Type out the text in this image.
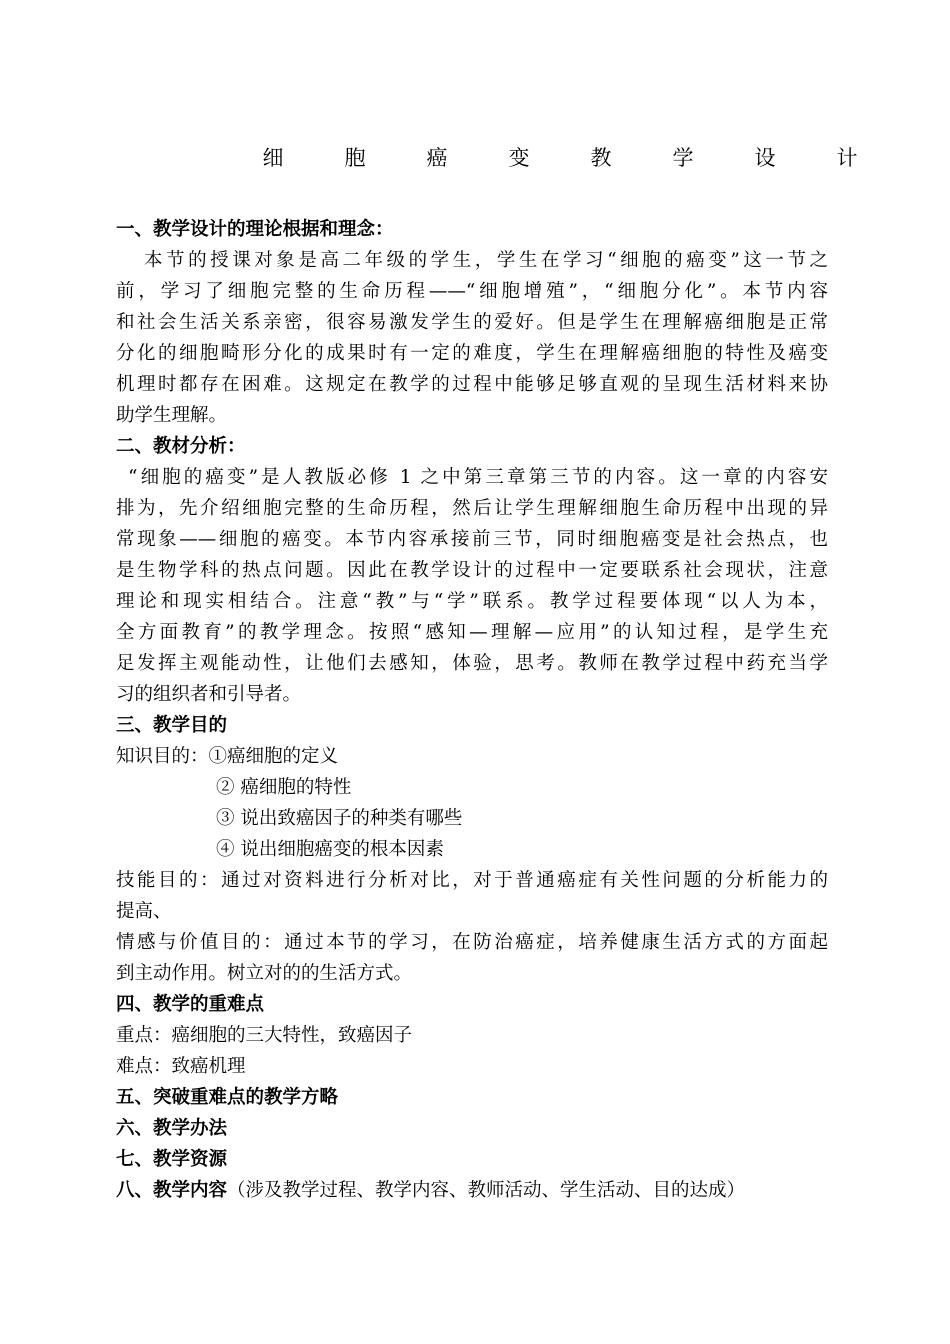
细	胞	癌	变	教	学	设	计
一、教学设计的理论根据和理念：
本节的授课对象是高二年级的学生，学生在学习“细胞的癌变”这一节之
前，学习了细胞完整的生命历程——“细胞增殖”，“细胞分化”。本节内容
和社会生活关系亲密，很容易激发学生的爱好。但是学生在理解癌细胞是正常
分化的细胞畸形分化的成果时有一定的难度，学生在理解癌细胞的特性及癌变
机理时都存在困难。这规定在教学的过程中能够足够直观的呈现生活材料来协
助学生理解。
二、教材分析：
“细胞的癌变”是人教版必修 1 之中第三章第三节的内容。这一章的内容安
排为，先介绍细胞完整的生命历程，然后让学生理解细胞生命历程中出现的异
常现象——细胞的癌变。本节内容承接前三节，同时细胞癌变是社会热点，也
是生物学科的热点问题。因此在教学设计的过程中一定要联系社会现状，注意
理论和现实相结合。注意“教”与“学”联系。教学过程要体现“以人为本，
全方面教育”的教学理念。按照“感知—理解—应用”的认知过程，是学生充
足发挥主观能动性，让他们去感知，体验，思考。教师在教学过程中药充当学
习的组织者和引导者。
三、教学目的
知识目的：①癌细胞的定义
② 癌细胞的特性
③ 说出致癌因子的种类有哪些
④ 说出细胞癌变的根本因素
技能目的：通过对资料进行分析对比，对于普通癌症有关性问题的分析能力的
提高、
情感与价值目的：通过本节的学习，在防治癌症，培养健康生活方式的方面起
到主动作用。树立对的的生活方式。
四、教学的重难点
重点：癌细胞的三大特性，致癌因子
难点：致癌机理
五、突破重难点的教学方略
六、教学办法
七、教学资源
八、教学内容（涉及教学过程、教学内容、教师活动、学生活动、目的达成）
